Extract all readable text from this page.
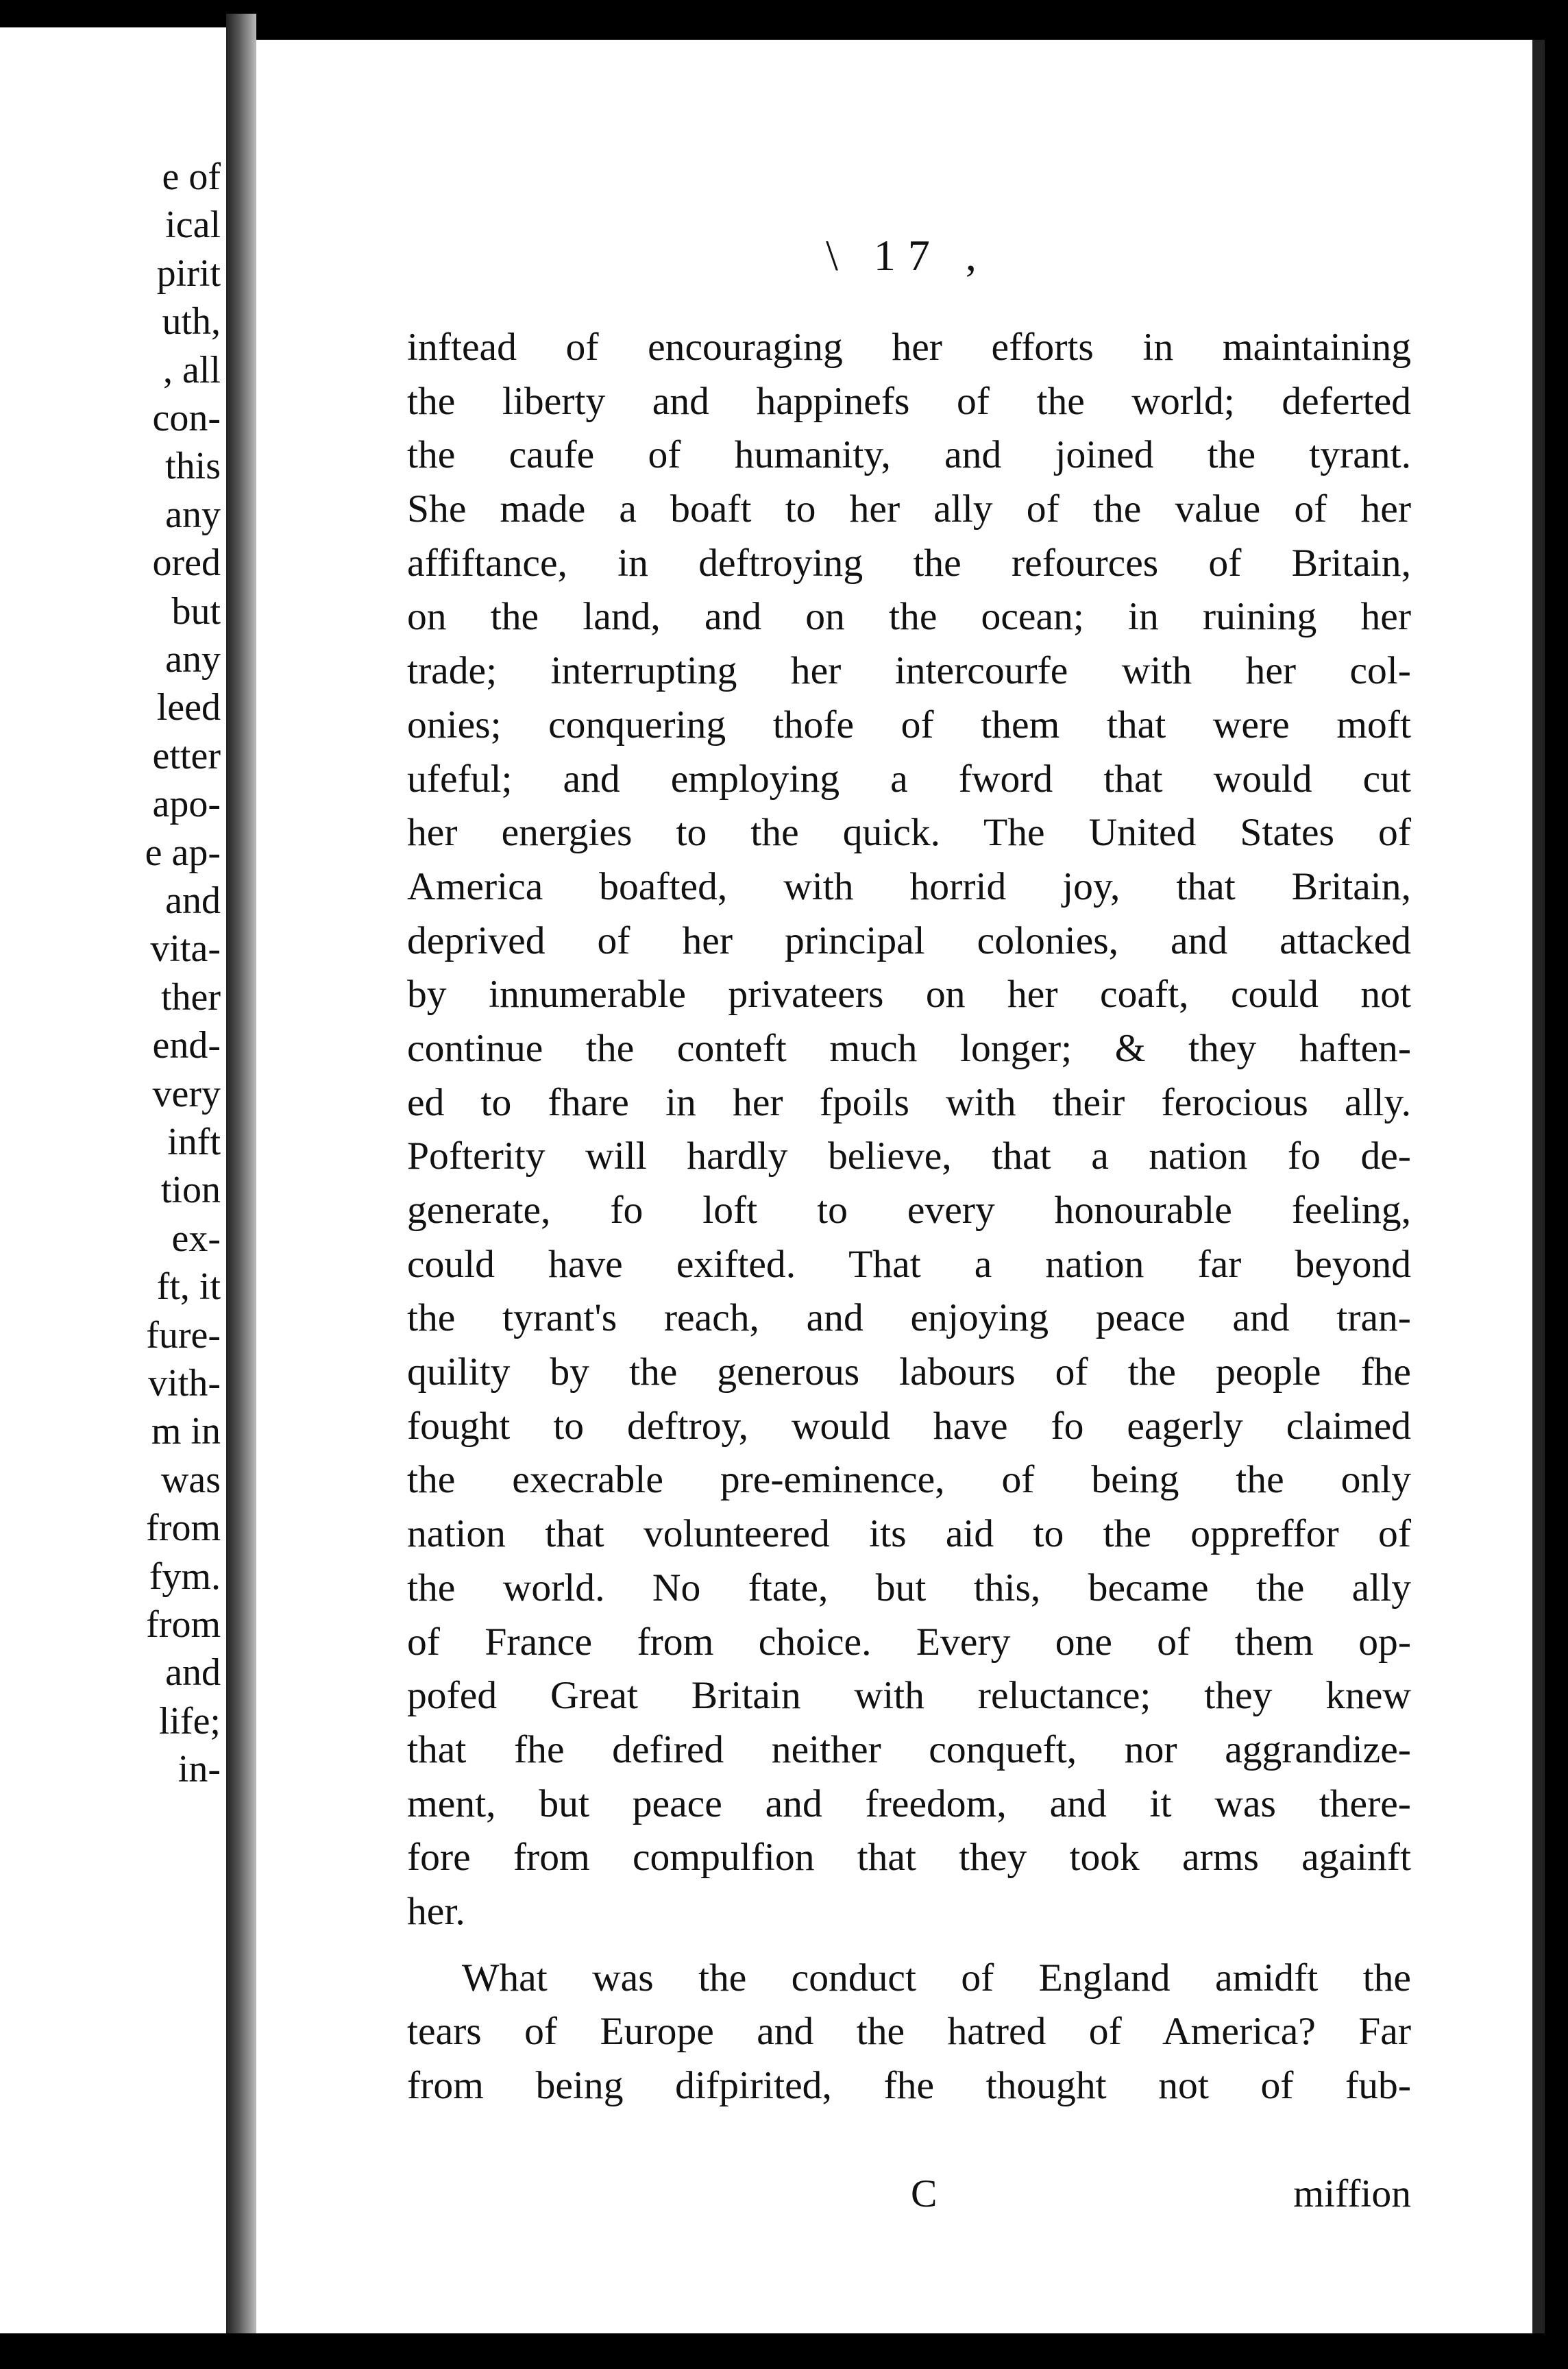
e of
ical
pirit
uth,
, all
con-
this
any
ored
but
any
leed
etter
apo-
e ap-
and
vita-
ther
end-
very
inft
tion
ex-
ft, it
fure-
vith-
m in
was
from
fym.
from
and
life;
in-
\ 17 ,
inftead of encouraging her efforts in maintaining
the liberty and happinefs of the world; deferted
the caufe of humanity, and joined the tyrant.
She made a boaft to her ally of the value of her
affiftance, in deftroying the refources of Britain,
on the land, and on the ocean; in ruining her
trade; interrupting her intercourfe with her col-
onies; conquering thofe of them that were moft
ufeful; and employing a fword that would cut
her energies to the quick. The United States of
America boafted, with horrid joy, that Britain,
deprived of her principal colonies, and attacked
by innumerable privateers on her coaft, could not
continue the conteft much longer; & they haften-
ed to fhare in her fpoils with their ferocious ally.
Pofterity will hardly believe, that a nation fo de-
generate, fo loft to every honourable feeling,
could have exifted. That a nation far beyond
the tyrant's reach, and enjoying peace and tran-
quility by the generous labours of the people fhe
fought to deftroy, would have fo eagerly claimed
the execrable pre-eminence, of being the only
nation that volunteered its aid to the oppreffor of
the world. No ftate, but this, became the ally
of France from choice. Every one of them op-
pofed Great Britain with reluctance; they knew
that fhe defired neither conqueft, nor aggrandize-
ment, but peace and freedom, and it was there-
fore from compulfion that they took arms againft
her.
What was the conduct of England amidft the
tears of Europe and the hatred of America? Far
from being difpirited, fhe thought not of fub-
C	miffion
